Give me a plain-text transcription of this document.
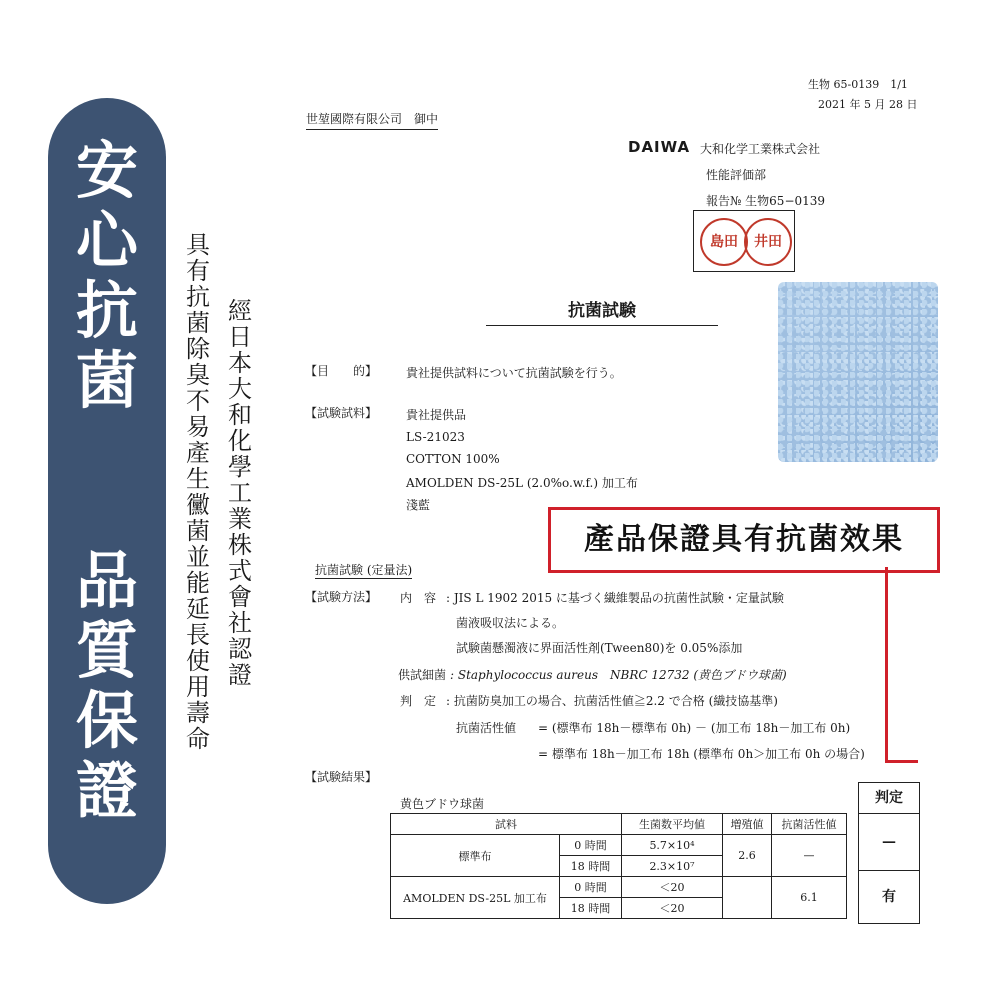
安
心
抗
菌
品
質
保
證
具有抗菌除臭不易產生黴菌並能延長使用壽命
經日本大和化學工業株式會社認證
生物 65-0139　1/1
2021 年 5 月 28 日
世堃國際有限公司　御中
DAIWA 大和化学工業株式会社
性能評価部
報告№ 生物65−0139
島田	井田
抗菌試験
【目　　的】 貴社提供試料について抗菌試験を行う。
【試験試料】 貴社提供品
LS-21023
COTTON 100%
AMOLDEN DS-25L (2.0%o.w.f.) 加工布
淺藍
產品保證具有抗菌效果
抗菌試験 (定量法)
【試験方法】 内　容 : JIS L 1902 2015 に基づく繊維製品の抗菌性試験・定量試験
菌液吸収法による。
試験菌懸濁液に界面活性剤(Tween80)を 0.05%添加
供試細菌 : Staphylococcus aureus　NBRC 12732 (黄色ブドウ球菌)
判　定 : 抗菌防臭加工の場合、抗菌活性値≧2.2 で合格 (繊技協基準)
抗菌活性値 = (標準布 18h－標準布 0h) － (加工布 18h－加工布 0h)
= 標準布 18h－加工布 18h (標準布 0h＞加工布 0h の場合)
【試験結果】
黄色ブドウ球菌
試料		生菌数平均値	増殖値	抗菌活性値
標準布	0 時間	5.7×10⁴	2.6	—
	18 時間	2.3×10⁷		
AMOLDEN DS-25L 加工布	0 時間	＜20		6.1
	18 時間	＜20		
判定
—
有
